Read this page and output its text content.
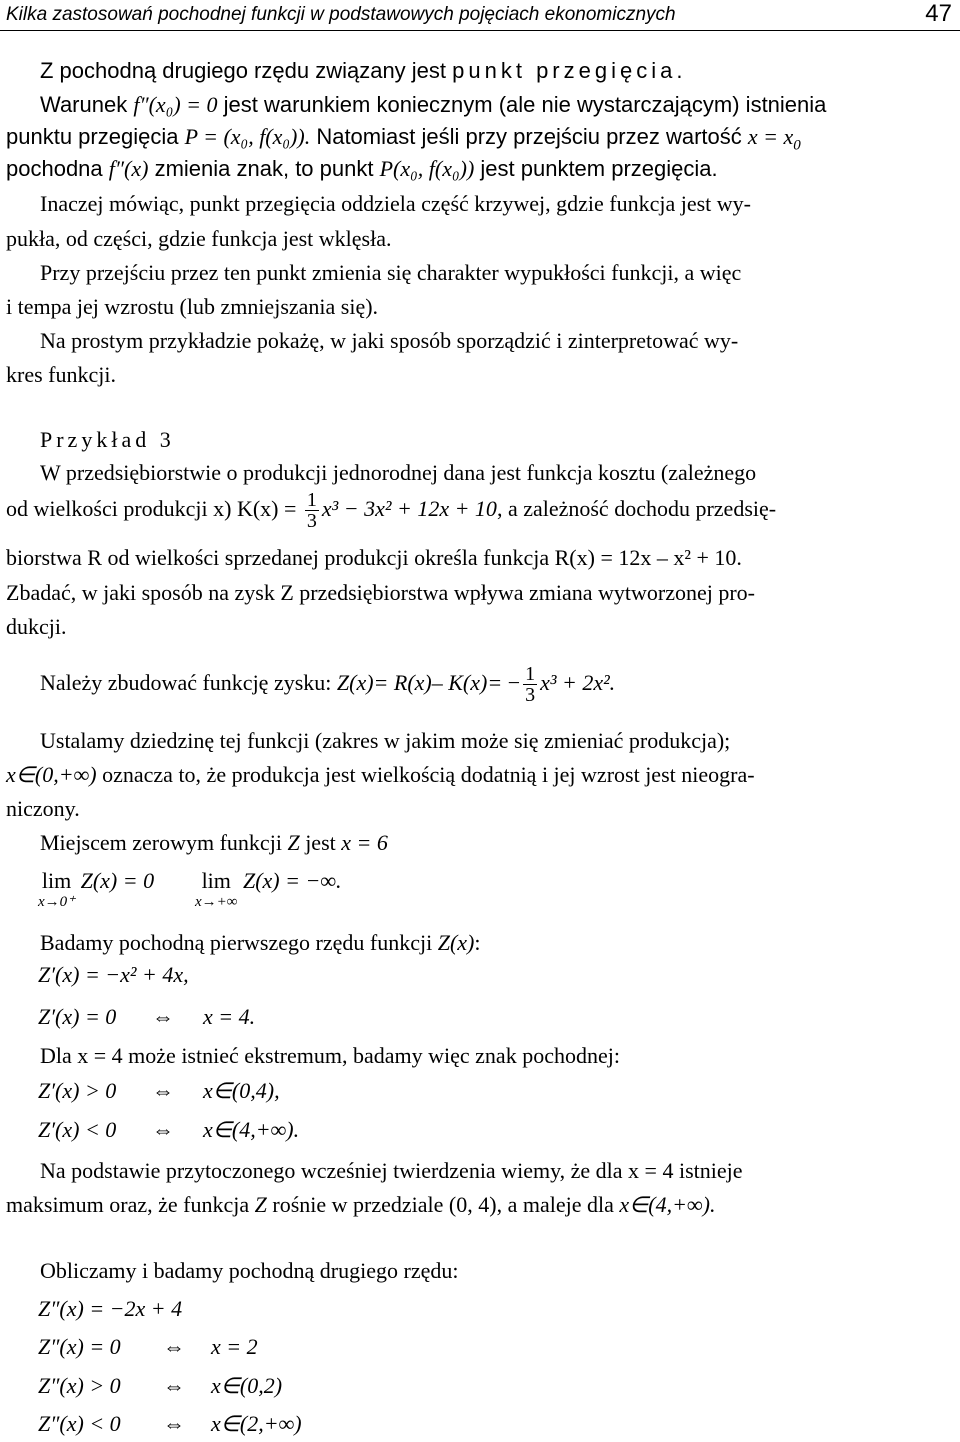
Kilka zastosowań pochodnej funkcji w podstawowych pojęciach ekonomicznych	47
Z pochodną drugiego rzędu związany jest punkt przegięcia.
Warunek f″(x₀) = 0 jest warunkiem koniecznym (ale nie wystarczającym) istnienia
punktu przegięcia P = (x₀, f(x₀)). Natomiast jeśli przy przejściu przez wartość $x = x_0$
pochodna f″(x) zmienia znak, to punkt P(x₀, f(x₀)) jest punktem przegięcia.
Inaczej mówiąc, punkt przegięcia oddziela część krzywej, gdzie funkcja jest wy-
pukła, od części, gdzie funkcja jest wklęsła.
Przy przejściu przez ten punkt zmienia się charakter wypukłości funkcji, a więc
i tempa jej wzrostu (lub zmniejszania się).
Na prostym przykładzie pokażę, w jaki sposób sporządzić i zinterpretować wy-
kres funkcji.
Przykład 3
W przedsiębiorstwie o produkcji jednorodnej dana jest funkcja kosztu (zależnego
od wielkości produkcji x) $K(x) = \frac{1}{3} x^3 - 3x^2 + 12x + 10$, a zależność dochodu przedsię-
biorstwa R od wielkości sprzedanej produkcji określa funkcja R(x) = 12x – x² + 10.
Zbadać, w jaki sposób na zysk Z przedsiębiorstwa wpływa zmiana wytworzonej pro-
dukcji.
Należy zbudować funkcję zysku: Z(x)= R(x)– $K(x)= - \frac{1}{3} x^3 + 2x^2$.
Ustalamy dziedzinę tej funkcji (zakres w jakim może się zmieniać produkcja);
x∈(0,+∞) oznacza to, że produkcja jest wielkością dodatnią i jej wzrost jest nieogra-
niczony.
Miejscem zerowym funkcji Z jest x = 6
lim
x→0⁺
Z(x) = 0 lim
x→+∞
Z(x) = −∞.
Badamy pochodną pierwszego rzędu funkcji Z(x):
Z′(x) = −x² + 4x,
Z′(x) = 0 ⇔ x = 4.
Dla x = 4 może istnieć ekstremum, badamy więc znak pochodnej:
Z′(x) > 0 ⇔ x∈(0,4),
Z′(x) < 0 ⇔ x∈(4,+∞).
Na podstawie przytoczonego wcześniej twierdzenia wiemy, że dla x = 4 istnieje
maksimum oraz, że funkcja Z rośnie w przedziale (0, 4), a maleje dla x∈(4,+∞).
Obliczamy i badamy pochodną drugiego rzędu:
Z″(x) = −2x + 4
Z″(x) = 0 ⇔ x = 2
Z″(x) > 0 ⇔ x∈(0,2)
Z″(x) < 0 ⇔ x∈(2,+∞)
